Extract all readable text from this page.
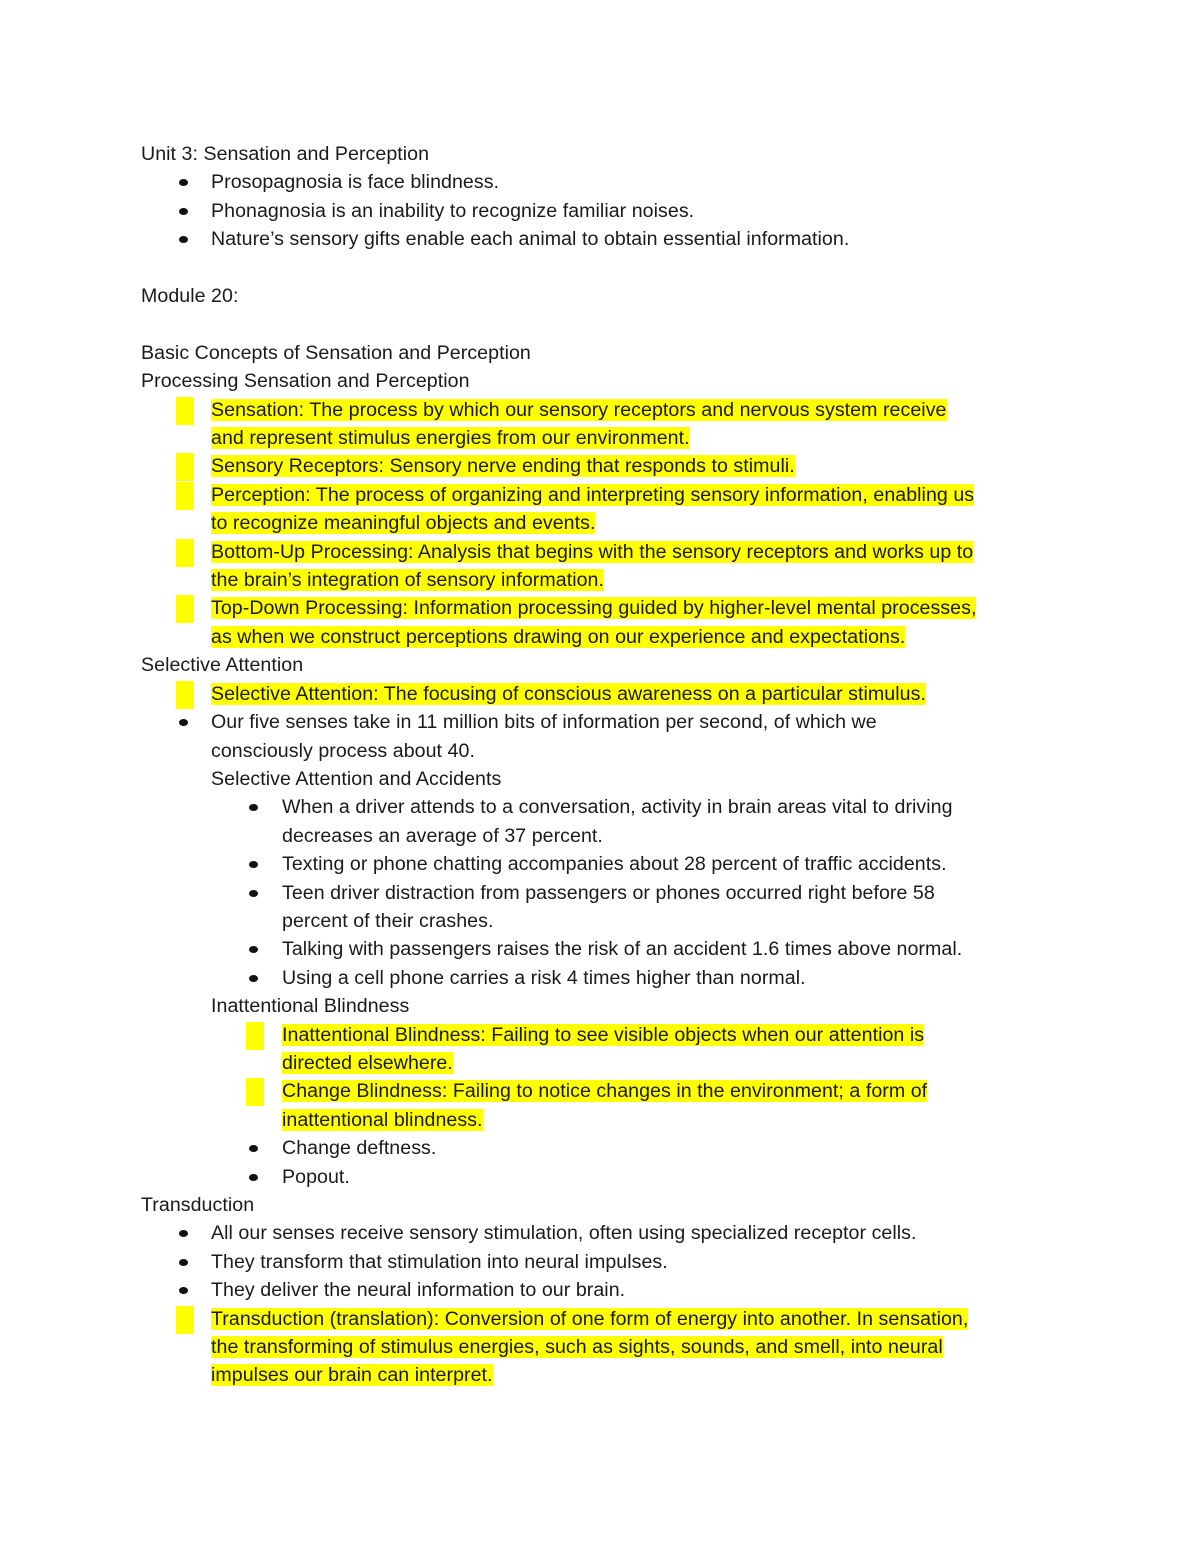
Unit 3: Sensation and Perception
Prosopagnosia is face blindness.
Phonagnosia is an inability to recognize familiar noises.
Nature’s sensory gifts enable each animal to obtain essential information.
Module 20:
Basic Concepts of Sensation and Perception
Processing Sensation and Perception
Sensation: The process by which our sensory receptors and nervous system receive
and represent stimulus energies from our environment.
Sensory Receptors: Sensory nerve ending that responds to stimuli.
Perception: The process of organizing and interpreting sensory information, enabling us
to recognize meaningful objects and events.
Bottom-Up Processing: Analysis that begins with the sensory receptors and works up to
the brain’s integration of sensory information.
Top-Down Processing: Information processing guided by higher-level mental processes,
as when we construct perceptions drawing on our experience and expectations.
Selective Attention
Selective Attention: The focusing of conscious awareness on a particular stimulus.
Our five senses take in 11 million bits of information per second, of which we
consciously process about 40.
Selective Attention and Accidents
When a driver attends to a conversation, activity in brain areas vital to driving
decreases an average of 37 percent.
Texting or phone chatting accompanies about 28 percent of traffic accidents.
Teen driver distraction from passengers or phones occurred right before 58
percent of their crashes.
Talking with passengers raises the risk of an accident 1.6 times above normal.
Using a cell phone carries a risk 4 times higher than normal.
Inattentional Blindness
Inattentional Blindness: Failing to see visible objects when our attention is
directed elsewhere.
Change Blindness: Failing to notice changes in the environment; a form of
inattentional blindness.
Change deftness.
Popout.
Transduction
All our senses receive sensory stimulation, often using specialized receptor cells.
They transform that stimulation into neural impulses.
They deliver the neural information to our brain.
Transduction (translation): Conversion of one form of energy into another. In sensation,
the transforming of stimulus energies, such as sights, sounds, and smell, into neural
impulses our brain can interpret.
